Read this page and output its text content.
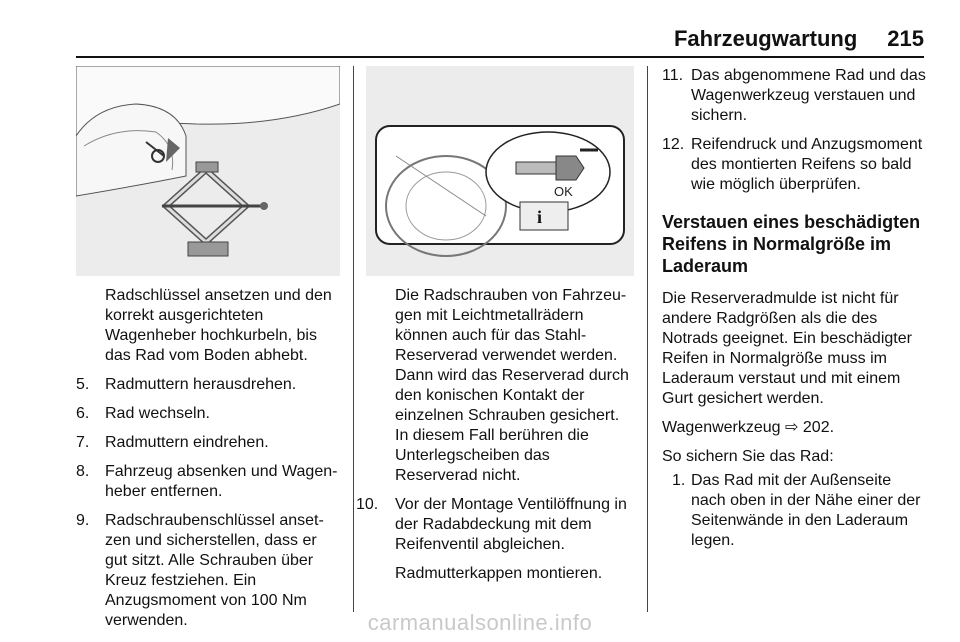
Fahrzeugwartung 215

Radschlüssel ansetzen und den korrekt ausgerichteten Wagenheber hochkurbeln, bis das Rad vom Boden abhebt.

5. Radmuttern herausdrehen.
6. Rad wechseln.
7. Radmuttern eindrehen.
8. Fahrzeug absenken und Wagenheber entfernen.
9. Radschraubenschlüssel ansetzen und sicherstellen, dass er gut sitzt. Alle Schrauben über Kreuz festziehen. Ein Anzugsmoment von 100 Nm verwenden.
i
OK

Die Radschrauben von Fahrzeugen mit Leichtmetallrädern können auch für das Stahl-Reserverad verwendet werden. Dann wird das Reserverad durch den konischen Kontakt der einzelnen Schrauben gesichert. In diesem Fall berühren die Unterlegscheiben das Reserverad nicht.

10.	Vor der Montage Ventilöffnung in der Radabdeckung mit dem Reifenventil abgleichen.

Radmutterkappen montieren.

11. Das abgenommene Rad und das Wagenwerkzeug verstauen und sichern.
12. Reifendruck und Anzugsmoment des montierten Reifens so bald wie möglich überprüfen.
Verstauen eines beschädigten Reifens in Normalgröße im Laderaum

Die Reserveradmulde ist nicht für andere Radgrößen als die des Notrads geeignet. Ein beschädigter Reifen in Normalgröße muss im Laderaum verstaut und mit einem Gurt gesichert werden.

Wagenwerkzeug ⇨ 202.

So sichern Sie das Rad:

1. Das Rad mit der Außenseite nach oben in der Nähe einer der Seitenwände in den Laderaum legen.
carmanualsonline.info
